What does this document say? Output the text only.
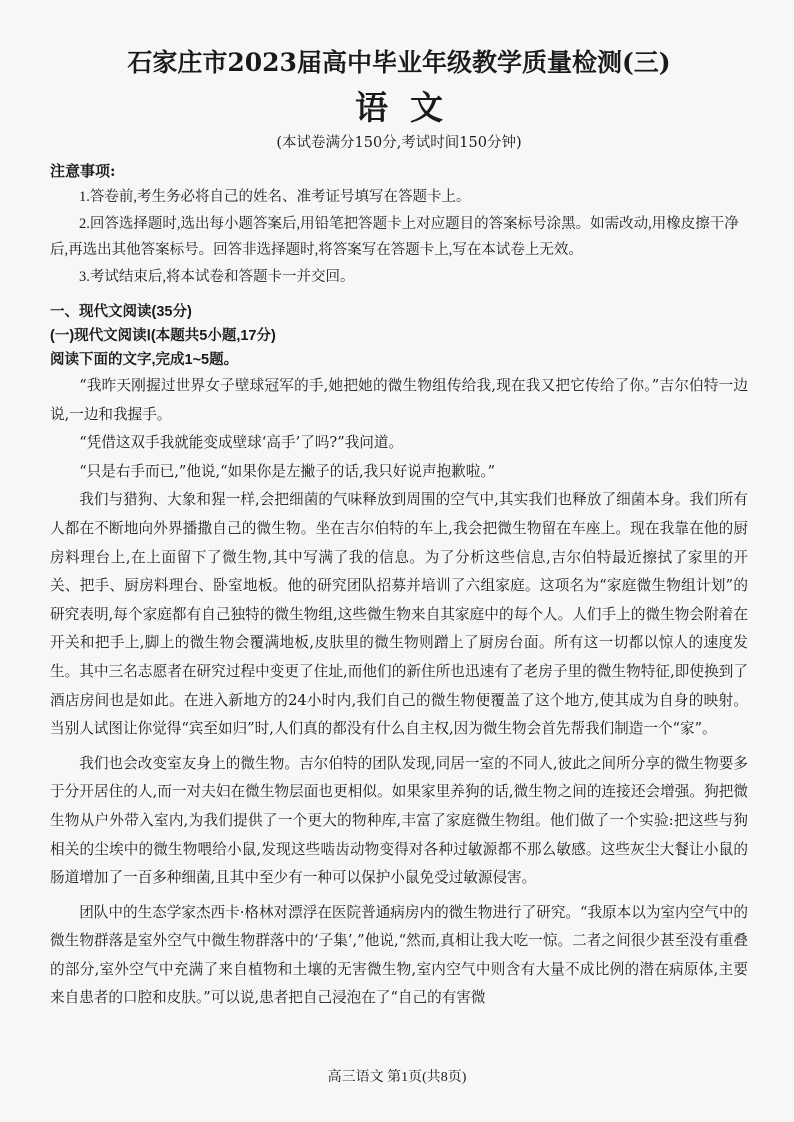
石家庄市2023届高中毕业年级教学质量检测(三)
语文
(本试卷满分150分,考试时间150分钟)
注意事项:

1.答卷前,考生务必将自己的姓名、准考证号填写在答题卡上。

2.回答选择题时,选出每小题答案后,用铅笔把答题卡上对应题目的答案标号涂黑。如需改动,用橡皮擦干净后,再选出其他答案标号。回答非选择题时,将答案写在答题卡上,写在本试卷上无效。

3.考试结束后,将本试卷和答题卡一并交回。

一、现代文阅读(35分)

(一)现代文阅读Ⅰ(本题共5小题,17分)

阅读下面的文字,完成1~5题。

“我昨天刚握过世界女子壁球冠军的手,她把她的微生物组传给我,现在我又把它传给了你。”吉尔伯特一边说,一边和我握手。

“凭借这双手我就能变成壁球‘高手’了吗?”我问道。

“只是右手而已,”他说,“如果你是左撇子的话,我只好说声抱歉啦。”

我们与猎狗、大象和猩一样,会把细菌的气味释放到周围的空气中,其实我们也释放了细菌本身。我们所有人都在不断地向外界播撒自己的微生物。坐在吉尔伯特的车上,我会把微生物留在车座上。现在我靠在他的厨房料理台上,在上面留下了微生物,其中写满了我的信息。为了分析这些信息,吉尔伯特最近擦拭了家里的开关、把手、厨房料理台、卧室地板。他的研究团队招募并培训了六组家庭。这项名为“家庭微生物组计划”的研究表明,每个家庭都有自己独特的微生物组,这些微生物来自其家庭中的每个人。人们手上的微生物会附着在开关和把手上,脚上的微生物会覆满地板,皮肤里的微生物则蹭上了厨房台面。所有这一切都以惊人的速度发生。其中三名志愿者在研究过程中变更了住址,而他们的新住所也迅速有了老房子里的微生物特征,即使换到了酒店房间也是如此。在进入新地方的24小时内,我们自己的微生物便覆盖了这个地方,使其成为自身的映射。当别人试图让你觉得“宾至如归”时,人们真的都没有什么自主权,因为微生物会首先帮我们制造一个“家”。

我们也会改变室友身上的微生物。吉尔伯特的团队发现,同居一室的不同人,彼此之间所分享的微生物要多于分开居住的人,而一对夫妇在微生物层面也更相似。如果家里养狗的话,微生物之间的连接还会增强。狗把微生物从户外带入室内,为我们提供了一个更大的物种库,丰富了家庭微生物组。他们做了一个实验:把这些与狗相关的尘埃中的微生物喂给小鼠,发现这些啮齿动物变得对各种过敏源都不那么敏感。这些灰尘大餐让小鼠的肠道增加了一百多种细菌,且其中至少有一种可以保护小鼠免受过敏源侵害。

团队中的生态学家杰西卡·格林对漂浮在医院普通病房内的微生物进行了研究。“我原本以为室内空气中的微生物群落是室外空气中微生物群落中的‘子集’,”他说,“然而,真相让我大吃一惊。二者之间很少甚至没有重叠的部分,室外空气中充满了来自植物和土壤的无害微生物,室内空气中则含有大量不成比例的潜在病原体,主要来自患者的口腔和皮肤。”可以说,患者把自己浸泡在了“自己的有害微

高三语文 第1页(共8页)
